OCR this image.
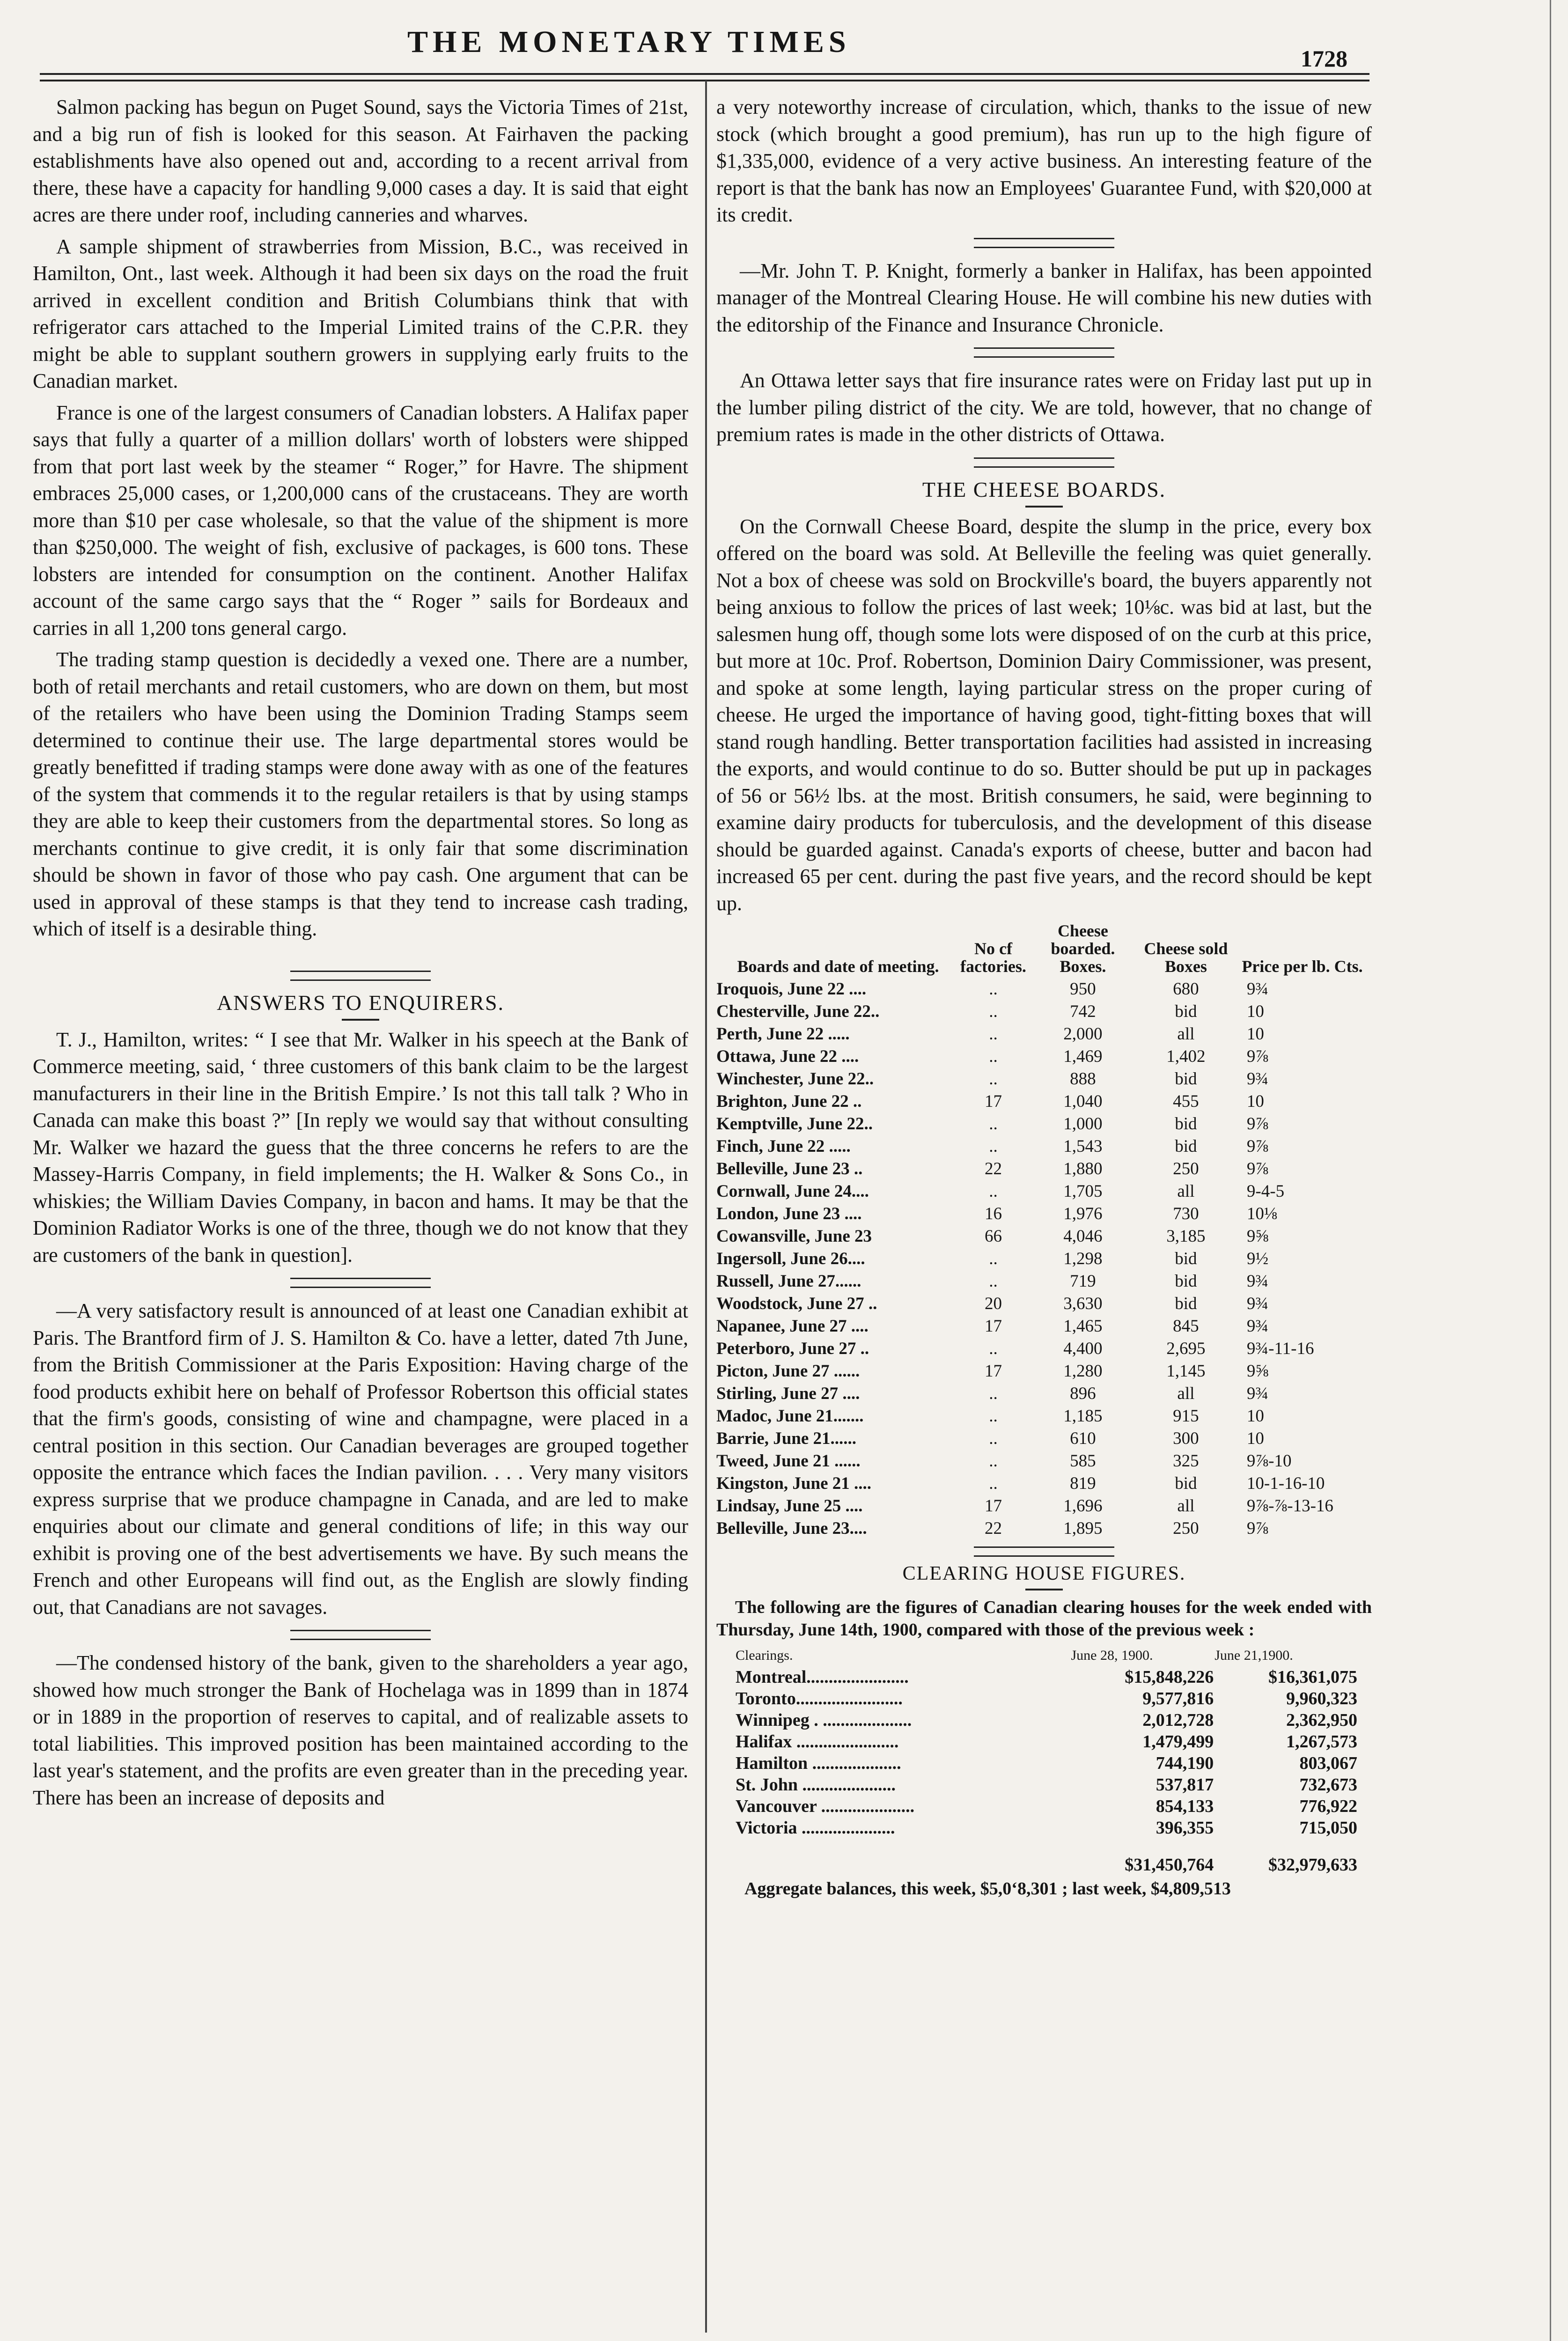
THE MONETARY TIMES	1728

Salmon packing has begun on Puget Sound, says the Victoria Times of 21st, and a big run of fish is looked for this season. At Fairhaven the packing establishments have also opened out and, according to a recent arrival from there, these have a capacity for handling 9,000 cases a day. It is said that eight acres are there under roof, including canneries and wharves.

A sample shipment of strawberries from Mission, B.C., was received in Hamilton, Ont., last week. Although it had been six days on the road the fruit arrived in excellent condition and British Columbians think that with refrigerator cars attached to the Imperial Limited trains of the C.P.R. they might be able to supplant southern growers in supplying early fruits to the Canadian market.

France is one of the largest consumers of Canadian lobsters. A Halifax paper says that fully a quarter of a million dollars' worth of lobsters were shipped from that port last week by the steamer “ Roger,” for Havre. The shipment embraces 25,000 cases, or 1,200,000 cans of the crustaceans. They are worth more than $10 per case wholesale, so that the value of the shipment is more than $250,000. The weight of fish, exclusive of packages, is 600 tons. These lobsters are intended for consumption on the continent. Another Halifax account of the same cargo says that the “ Roger ” sails for Bordeaux and carries in all 1,200 tons general cargo.

The trading stamp question is decidedly a vexed one. There are a number, both of retail merchants and retail customers, who are down on them, but most of the retailers who have been using the Dominion Trading Stamps seem determined to continue their use. The large departmental stores would be greatly benefitted if trading stamps were done away with as one of the features of the system that commends it to the regular retailers is that by using stamps they are able to keep their customers from the departmental stores. So long as merchants continue to give credit, it is only fair that some discrimination should be shown in favor of those who pay cash. One argument that can be used in approval of these stamps is that they tend to increase cash trading, which of itself is a desirable thing.

ANSWERS TO ENQUIRERS.

T. J., Hamilton, writes: “ I see that Mr. Walker in his speech at the Bank of Commerce meeting, said, ‘ three customers of this bank claim to be the largest manufacturers in their line in the British Empire.’ Is not this tall talk ? Who in Canada can make this boast ?” [In reply we would say that without consulting Mr. Walker we hazard the guess that the three concerns he refers to are the Massey-Harris Company, in field implements; the H. Walker & Sons Co., in whiskies; the William Davies Company, in bacon and hams. It may be that the Dominion Radiator Works is one of the three, though we do not know that they are customers of the bank in question].

—A very satisfactory result is announced of at least one Canadian exhibit at Paris. The Brantford firm of J. S. Hamilton & Co. have a letter, dated 7th June, from the British Commissioner at the Paris Exposition: Having charge of the food products exhibit here on behalf of Professor Robertson this official states that the firm's goods, consisting of wine and champagne, were placed in a central position in this section. Our Canadian beverages are grouped together opposite the entrance which faces the Indian pavilion. . . . Very many visitors express surprise that we produce champagne in Canada, and are led to make enquiries about our climate and general conditions of life; in this way our exhibit is proving one of the best advertisements we have. By such means the French and other Europeans will find out, as the English are slowly finding out, that Canadians are not savages.

—The condensed history of the bank, given to the shareholders a year ago, showed how much stronger the Bank of Hochelaga was in 1899 than in 1874 or in 1889 in the proportion of reserves to capital, and of realizable assets to total liabilities. This improved position has been maintained according to the last year's statement, and the profits are even greater than in the preceding year. There has been an increase of deposits and

a very noteworthy increase of circulation, which, thanks to the issue of new stock (which brought a good premium), has run up to the high figure of $1,335,000, evidence of a very active business. An interesting feature of the report is that the bank has now an Employees' Guarantee Fund, with $20,000 at its credit.

—Mr. John T. P. Knight, formerly a banker in Halifax, has been appointed manager of the Montreal Clearing House. He will combine his new duties with the editorship of the Finance and Insurance Chronicle.

An Ottawa letter says that fire insurance rates were on Friday last put up in the lumber piling district of the city. We are told, however, that no change of premium rates is made in the other districts of Ottawa.

THE CHEESE BOARDS.

On the Cornwall Cheese Board, despite the slump in the price, every box offered on the board was sold. At Belleville the feeling was quiet generally. Not a box of cheese was sold on Brockville's board, the buyers apparently not being anxious to follow the prices of last week; 10⅛c. was bid at last, but the salesmen hung off, though some lots were disposed of on the curb at this price, but more at 10c. Prof. Robertson, Dominion Dairy Commissioner, was present, and spoke at some length, laying particular stress on the proper curing of cheese. He urged the importance of having good, tight-fitting boxes that will stand rough handling. Better transportation facilities had assisted in increasing the exports, and would continue to do so. Butter should be put up in packages of 56 or 56½ lbs. at the most. British consumers, he said, were beginning to examine dairy products for tuberculosis, and the development of this disease should be guarded against. Canada's exports of cheese, butter and bacon had increased 65 per cent. during the past five years, and the record should be kept up.

Boards and date of meeting.	No cf factories.	Cheese boarded. Boxes.	Cheese sold Boxes	Price per lb. Cts.
Iroquois, June 22 ....	..	950	680	9¾
Chesterville, June 22..	..	742	bid	10
Perth, June 22 .....	..	2,000	all	10
Ottawa, June 22 ....	..	1,469	1,402	9⅞
Winchester, June 22..	..	888	bid	9¾
Brighton, June 22 ..	17	1,040	455	10
Kemptville, June 22..	..	1,000	bid	9⅞
Finch, June 22 .....	..	1,543	bid	9⅞
Belleville, June 23 ..	22	1,880	250	9⅞
Cornwall, June 24....	..	1,705	all	9-4-5
London, June 23 ....	16	1,976	730	10⅛
Cowansville, June 23	66	4,046	3,185	9⅝
Ingersoll, June 26....	..	1,298	bid	9½
Russell, June 27......	..	719	bid	9¾
Woodstock, June 27 ..	20	3,630	bid	9¾
Napanee, June 27 ....	17	1,465	845	9¾
Peterboro, June 27 ..	..	4,400	2,695	9¾-11-16
Picton, June 27 ......	17	1,280	1,145	9⅝
Stirling, June 27 ....	..	896	all	9¾
Madoc, June 21.......	..	1,185	915	10
Barrie, June 21......	..	610	300	10
Tweed, June 21 ......	..	585	325	9⅞-10
Kingston, June 21 ....	..	819	bid	10-1-16-10
Lindsay, June 25 ....	17	1,696	all	9⅞-⅞-13-16
Belleville, June 23....	22	1,895	250	9⅞
CLEARING HOUSE FIGURES.

The following are the figures of Canadian clearing houses for the week ended with Thursday, June 14th, 1900, compared with those of the previous week :

Clearings.	June 28, 1900.	June 21,1900.
Montreal.......................	$15,848,226	$16,361,075
Toronto........................	9,577,816	9,960,323
Winnipeg . ....................	2,012,728	2,362,950
Halifax .......................	1,479,499	1,267,573
Hamilton ....................	744,190	803,067
St. John .....................	537,817	732,673
Vancouver .....................	854,133	776,922
Victoria .....................	396,355	715,050
	$31,450,764	$32,979,633
Aggregate balances, this week, $5,0‘8,301 ; last week, $4,809,513
